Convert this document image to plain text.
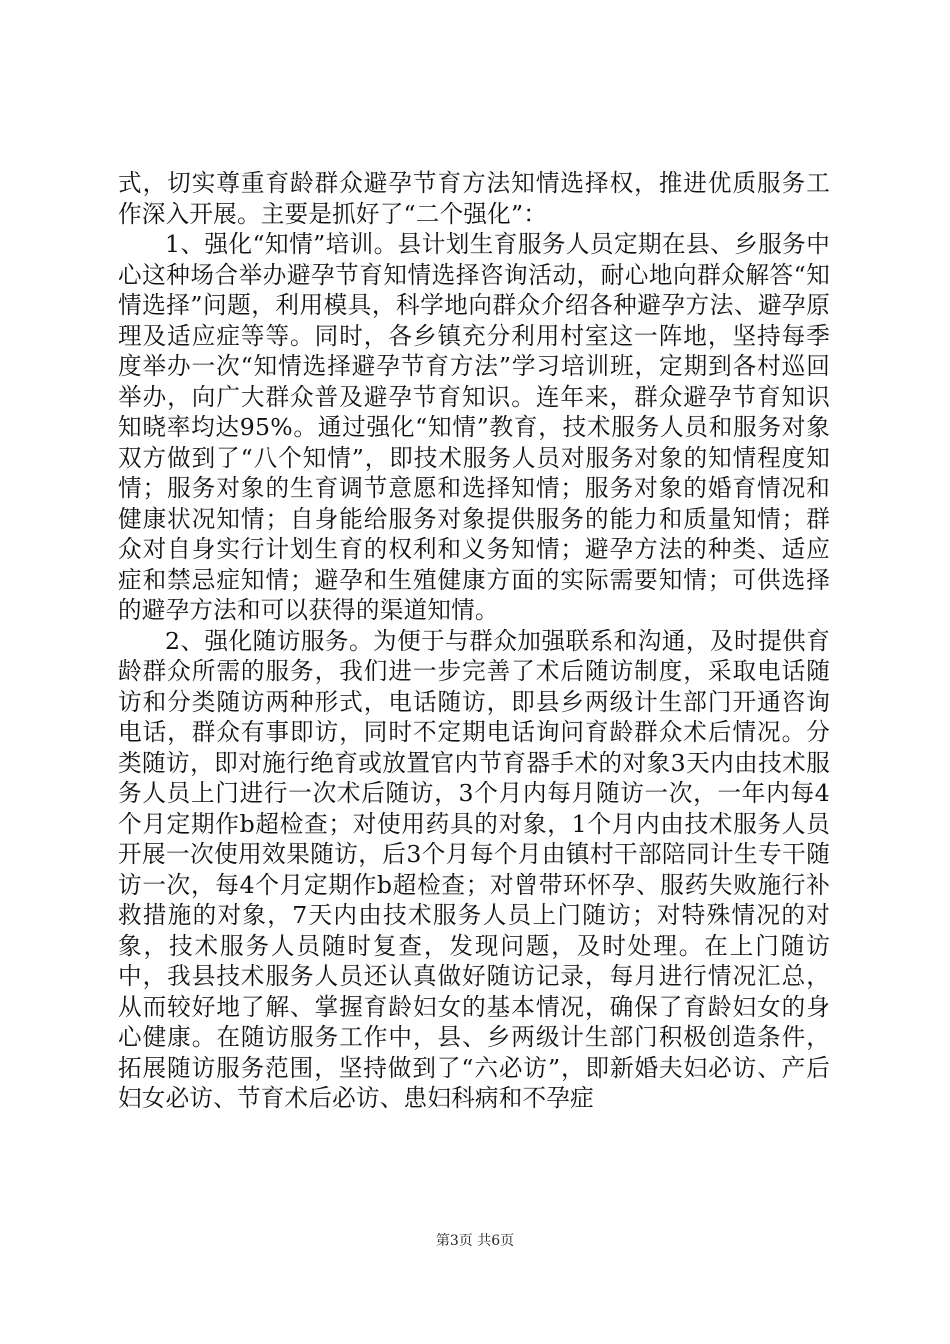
式，切实尊重育龄群众避孕节育方法知情选择权，推进优质服务工作深入开展。主要是抓好了“二个强化”：

1、强化“知情”培训。县计划生育服务人员定期在县、乡服务中心这种场合举办避孕节育知情选择咨询活动，耐心地向群众解答“知情选择”问题，利用模具，科学地向群众介绍各种避孕方法、避孕原理及适应症等等。同时，各乡镇充分利用村室这一阵地，坚持每季度举办一次“知情选择避孕节育方法”学习培训班，定期到各村巡回举办，向广大群众普及避孕节育知识。连年来，群众避孕节育知识知晓率均达95%。通过强化“知情”教育，技术服务人员和服务对象双方做到了“八个知情”，即技术服务人员对服务对象的知情程度知情；服务对象的生育调节意愿和选择知情；服务对象的婚育情况和健康状况知情；自身能给服务对象提供服务的能力和质量知情；群众对自身实行计划生育的权利和义务知情；避孕方法的种类、适应症和禁忌症知情；避孕和生殖健康方面的实际需要知情；可供选择的避孕方法和可以获得的渠道知情。

2、强化随访服务。为便于与群众加强联系和沟通，及时提供育龄群众所需的服务，我们进一步完善了术后随访制度，采取电话随访和分类随访两种形式，电话随访，即县乡两级计生部门开通咨询电话，群众有事即访，同时不定期电话询问育龄群众术后情况。分类随访，即对施行绝育或放置官内节育器手术的对象3天内由技术服务人员上门进行一次术后随访，3个月内每月随访一次，一年内每4个月定期作b超检查；对使用药具的对象，1个月内由技术服务人员开展一次使用效果随访，后3个月每个月由镇村干部陪同计生专干随访一次，每4个月定期作b超检查；对曾带环怀孕、服药失败施行补救措施的对象，7天内由技术服务人员上门随访；对特殊情况的对象，技术服务人员随时复查，发现问题，及时处理。在上门随访中，我县技术服务人员还认真做好随访记录，每月进行情况汇总，从而较好地了解、掌握育龄妇女的基本情况，确保了育龄妇女的身心健康。在随访服务工作中，县、乡两级计生部门积极创造条件，拓展随访服务范围，坚持做到了“六必访”，即新婚夫妇必访、产后妇女必访、节育术后必访、患妇科病和不孕症

第3页 共6页
